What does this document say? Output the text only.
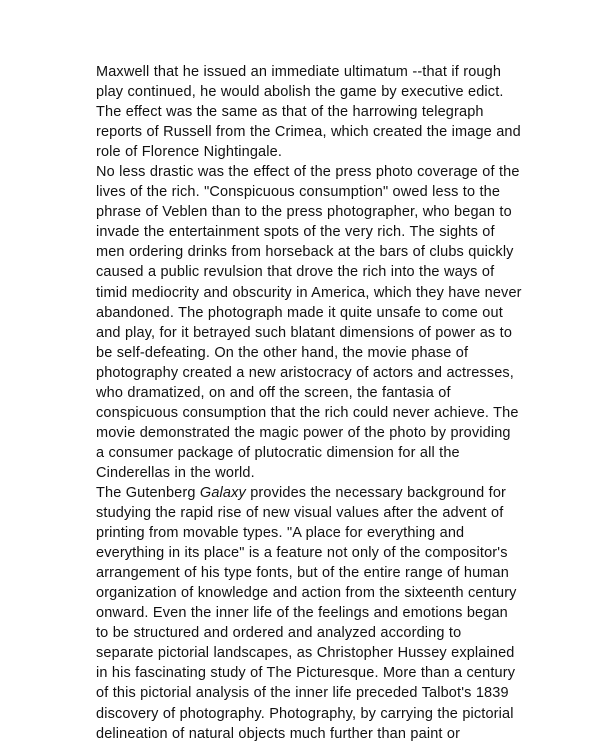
Maxwell that he issued an immediate ultimatum --that if rough play continued, he would abolish the game by executive edict. The effect was the same as that of the harrowing telegraph reports of Russell from the Crimea, which created the image and role of Florence Nightingale.

No less drastic was the effect of the press photo coverage of the lives of the rich. "Conspicuous consumption" owed less to the phrase of Veblen than to the press photographer, who began to invade the entertainment spots of the very rich. The sights of men ordering drinks from horseback at the bars of clubs quickly caused a public revulsion that drove the rich into the ways of timid mediocrity and obscurity in America, which they have never abandoned. The photograph made it quite unsafe to come out and play, for it betrayed such blatant dimensions of power as to be self-defeating. On the other hand, the movie phase of photography created a new aristocracy of actors and actresses, who dramatized, on and off the screen, the fantasia of conspicuous consumption that the rich could never achieve. The movie demonstrated the magic power of the photo by providing a consumer package of plutocratic dimension for all the Cinderellas in the world.

The Gutenberg Galaxy provides the necessary background for studying the rapid rise of new visual values after the advent of printing from movable types. "A place for everything and everything in its place" is a feature not only of the compositor's arrangement of his type fonts, but of the entire range of human organization of knowledge and action from the sixteenth century onward. Even the inner life of the feelings and emotions began to be structured and ordered and analyzed according to separate pictorial landscapes, as Christopher Hussey explained in his fascinating study of The Picturesque. More than a century of this pictorial analysis of the inner life preceded Talbot's 1839 discovery of photography. Photography, by carrying the pictorial delineation of natural objects much further than paint or
